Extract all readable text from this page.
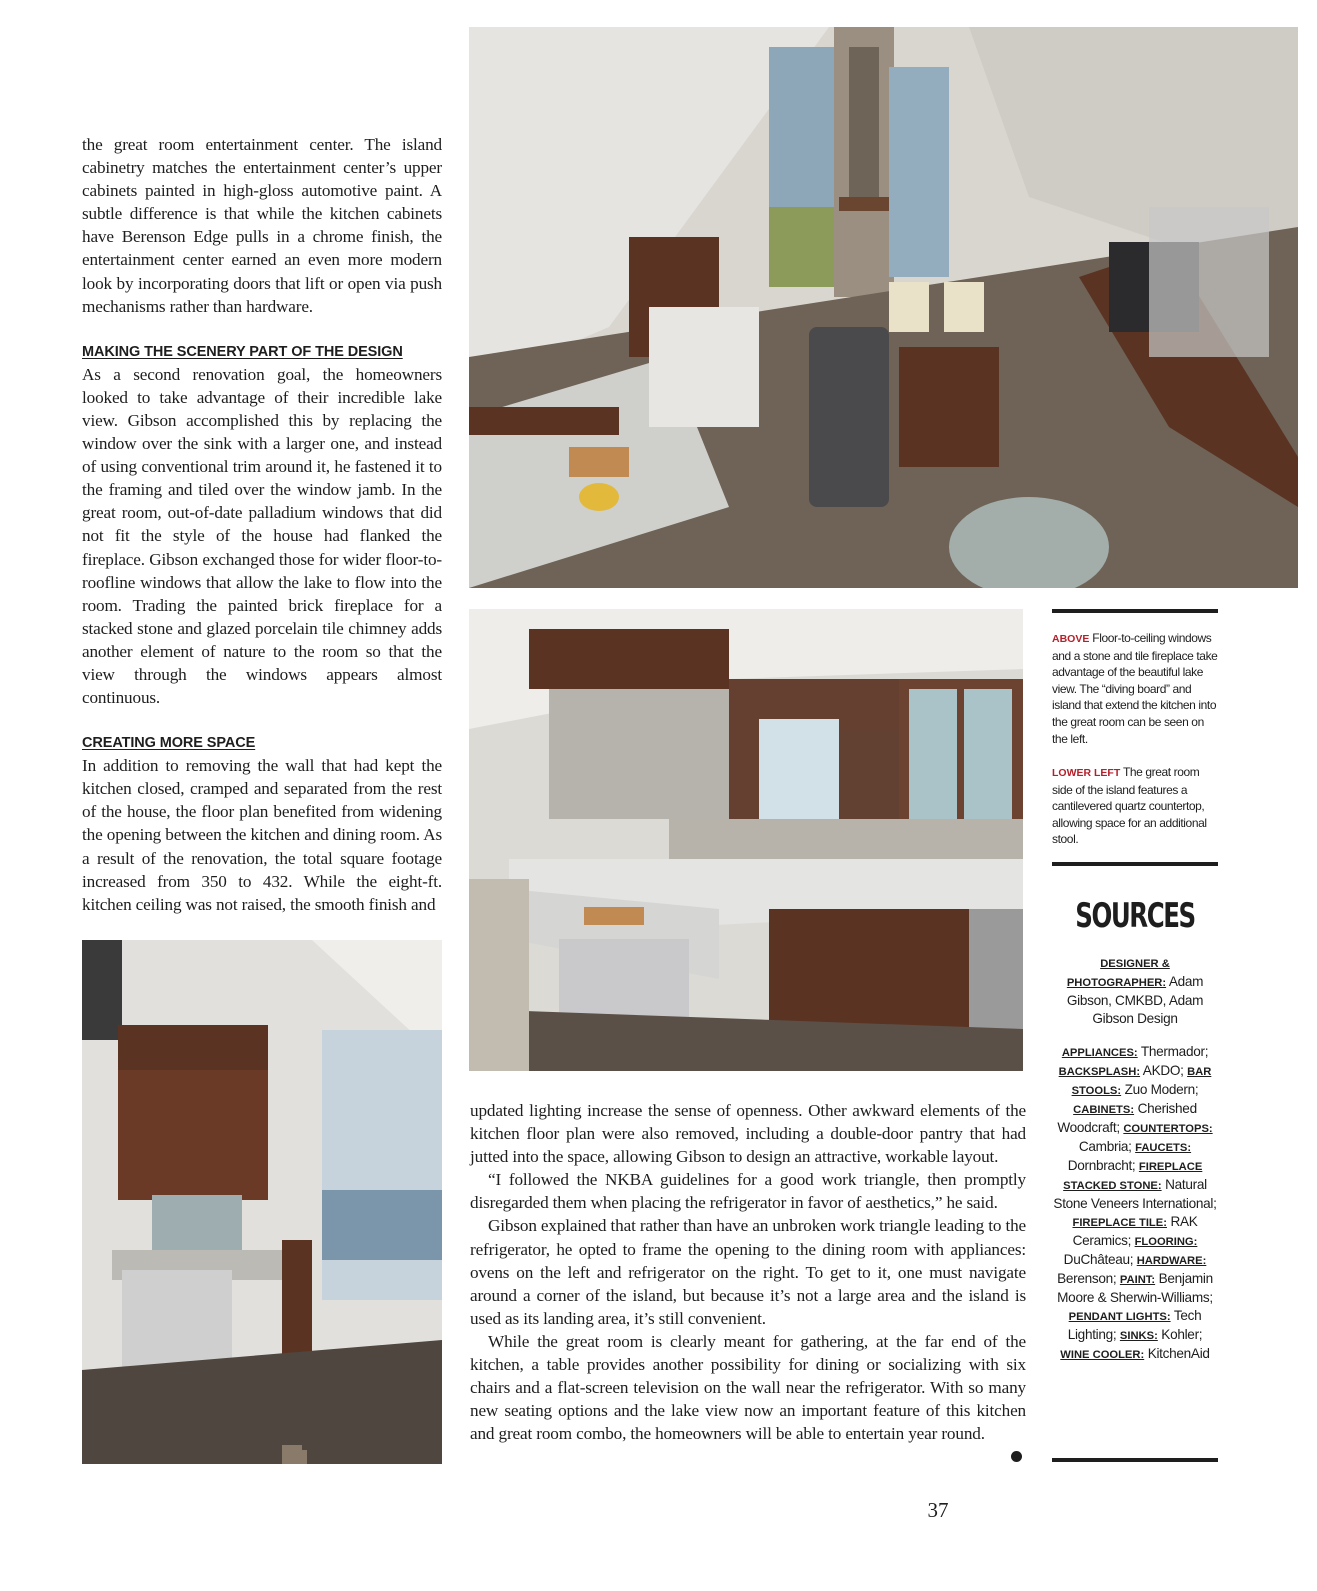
the great room entertainment center. The island cabinetry matches the entertainment center’s upper cabinets painted in high-gloss automotive paint. A subtle difference is that while the kitchen cabinets have Berenson Edge pulls in a chrome finish, the entertainment center earned an even more modern look by incorporating doors that lift or open via push mechanisms rather than hardware.

MAKING THE SCENERY PART OF THE DESIGN

As a second renovation goal, the homeowners looked to take advantage of their incredible lake view. Gibson accomplished this by replacing the window over the sink with a larger one, and instead of using conventional trim around it, he fastened it to the framing and tiled over the window jamb. In the great room, out-of-date palladium windows that did not fit the style of the house had flanked the fireplace. Gibson exchanged those for wider floor-to-roofline windows that allow the lake to flow into the room. Trading the painted brick fireplace for a stacked stone and glazed porcelain tile chimney adds another element of nature to the room so that the view through the windows appears almost continuous.

CREATING MORE SPACE

In addition to removing the wall that had kept the kitchen closed, cramped and separated from the rest of the house, the floor plan benefited from widening the opening between the kitchen and dining room. As a result of the renovation, the total square footage increased from 350 to 432. While the eight-ft. kitchen ceiling was not raised, the smooth finish and

updated lighting increase the sense of openness. Other awkward elements of the kitchen floor plan were also removed, including a double-door pantry that had jutted into the space, allowing Gibson to design an attractive, workable layout.

“I followed the NKBA guidelines for a good work triangle, then promptly disregarded them when placing the refrigerator in favor of aesthetics,” he said.

Gibson explained that rather than have an unbroken work triangle leading to the refrigerator, he opted to frame the opening to the dining room with appliances: ovens on the left and refrigerator on the right. To get to it, one must navigate around a corner of the island, but because it’s not a large area and the island is used as its landing area, it’s still convenient.

While the great room is clearly meant for gathering, at the far end of the kitchen, a table provides another possibility for dining or socializing with six chairs and a flat-screen television on the wall near the refrigerator. With so many new seating options and the lake view now an important feature of this kitchen and great room combo, the homeowners will be able to entertain year round.

ABOVE Floor-to-ceiling windows and a stone and tile fireplace take advantage of the beautiful lake view. The “diving board” and island that extend the kitchen into the great room can be seen on the left.
LOWER LEFT The great room side of the island features a cantilevered quartz countertop, allowing space for an additional stool.
SOURCES
DESIGNER & PHOTOGRAPHER: Adam Gibson, CMKBD, Adam Gibson Design
APPLIANCES: Thermador; BACKSPLASH: AKDO; BAR STOOLS: Zuo Modern; CABINETS: Cherished Woodcraft; COUNTERTOPS: Cambria; FAUCETS: Dornbracht; FIREPLACE STACKED STONE: Natural Stone Veneers International; FIREPLACE TILE: RAK Ceramics; FLOORING: DuChâteau; HARDWARE: Berenson; PAINT: Benjamin Moore & Sherwin-Williams; PENDANT LIGHTS: Tech Lighting; SINKS: Kohler; WINE COOLER: KitchenAid
37
